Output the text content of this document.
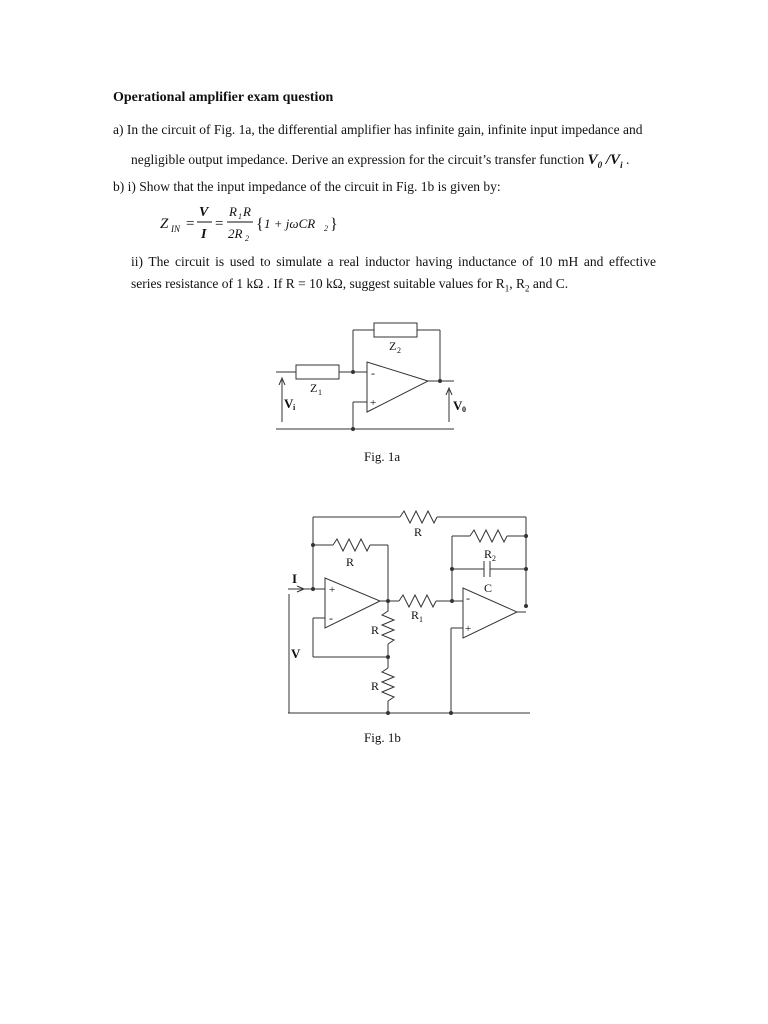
Operational amplifier exam question
a) In the circuit of Fig. 1a, the differential amplifier has infinite gain, infinite input impedance and
negligible output impedance. Derive an expression for the circuit’s transfer function $V_0$ $/V_i$ .
b) i) Show that the input impedance of the circuit in Fig. 1b is given by:
Z IN =
V
I
=
R 1 R
2R 2
{ 1 + jωCR 2 }
ii) The circuit is used to simulate a real inductor having inductance of 10 mH and effective
series resistance of 1 kΩ . If R = 10 kΩ, suggest suitable values for $R_1$, $R_2$ and C.
-
+
Z 1
Z 2
V i	V 0
Fig. 1a
R
R
R
R
R 1
R 2
C
I
V
+
-
-
+
Fig. 1b
